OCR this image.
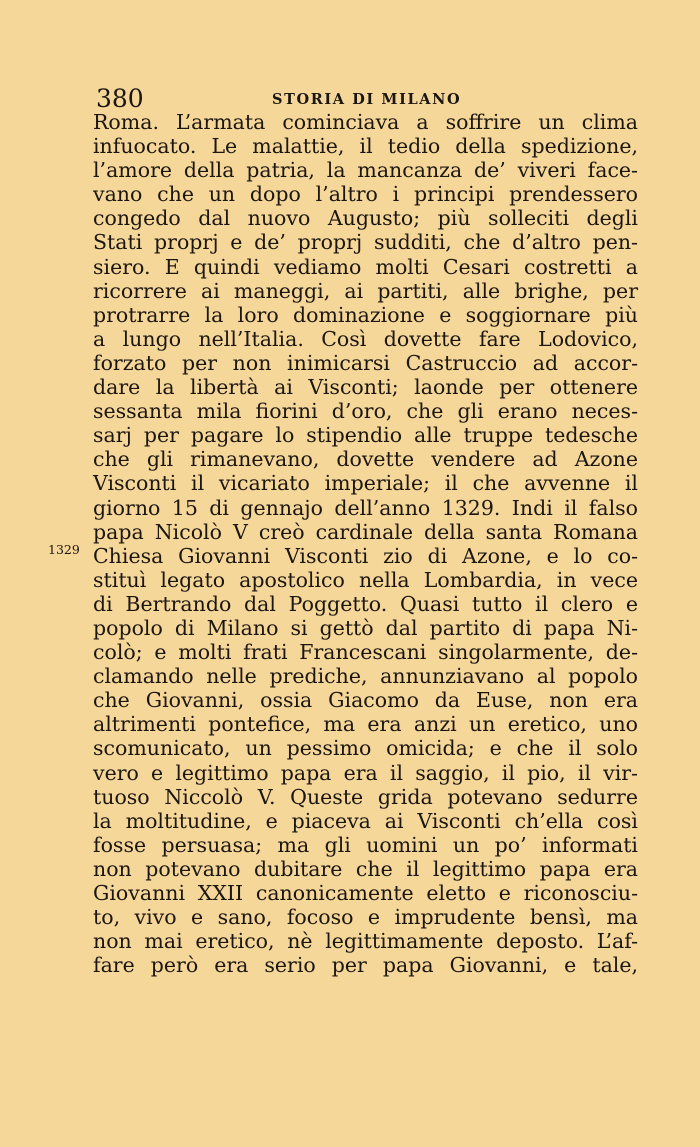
380	STORIA DI MILANO
1329
Roma. L’armata cominciava a soffrire un clima
infuocato. Le malattie, il tedio della spedizione,
l’amore della patria, la mancanza de’ viveri face-
vano che un dopo l’altro i principi prendessero
congedo dal nuovo Augusto; più solleciti degli
Stati proprj e de’ proprj sudditi, che d’altro pen-
siero. E quindi vediamo molti Cesari costretti a
ricorrere ai maneggi, ai partiti, alle brighe, per
protrarre la loro dominazione e soggiornare più
a lungo nell’Italia. Così dovette fare Lodovico,
forzato per non inimicarsi Castruccio ad accor-
dare la libertà ai Visconti; laonde per ottenere
sessanta mila fiorini d’oro, che gli erano neces-
sarj per pagare lo stipendio alle truppe tedesche
che gli rimanevano, dovette vendere ad Azone
Visconti il vicariato imperiale; il che avvenne il
giorno 15 di gennajo dell’anno 1329. Indi il falso
papa Nicolò V creò cardinale della santa Romana
Chiesa Giovanni Visconti zio di Azone, e lo co-
stituì legato apostolico nella Lombardia, in vece
di Bertrando dal Poggetto. Quasi tutto il clero e
popolo di Milano si gettò dal partito di papa Ni-
colò; e molti frati Francescani singolarmente, de-
clamando nelle prediche, annunziavano al popolo
che Giovanni, ossia Giacomo da Euse, non era
altrimenti pontefice, ma era anzi un eretico, uno
scomunicato, un pessimo omicida; e che il solo
vero e legittimo papa era il saggio, il pio, il vir-
tuoso Niccolò V. Queste grida potevano sedurre
la moltitudine, e piaceva ai Visconti ch’ella così
fosse persuasa; ma gli uomini un po’ informati
non potevano dubitare che il legittimo papa era
Giovanni XXII canonicamente eletto e riconosciu-
to, vivo e sano, focoso e imprudente bensì, ma
non mai eretico, nè legittimamente deposto. L’af-
fare però era serio per papa Giovanni, e tale,
